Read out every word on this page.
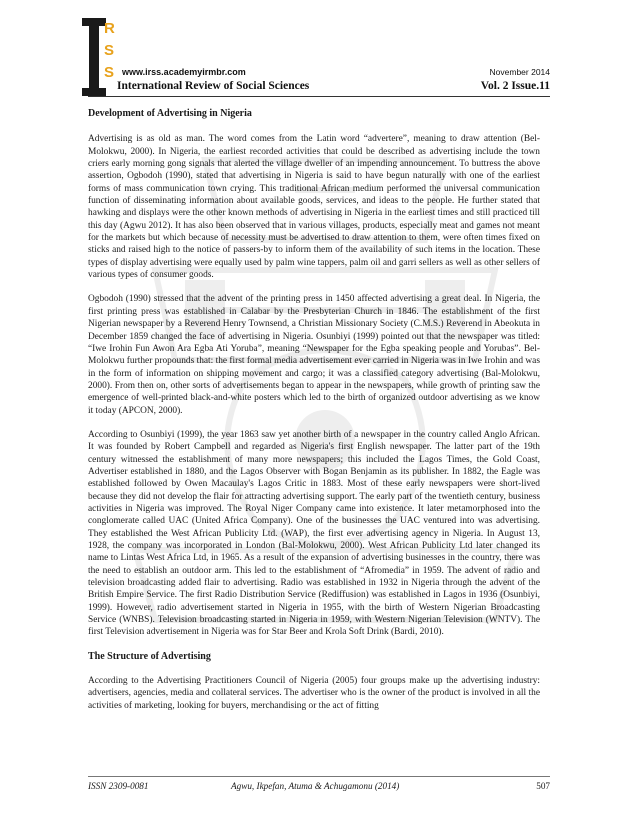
R
S
S www.irss.academyirmbr.com	November 2014
International Review of Social Sciences	Vol. 2 Issue.11
Development of Advertising in Nigeria

Advertising is as old as man. The word comes from the Latin word “advertere”, meaning to draw attention (Bel-Molokwu, 2000). In Nigeria, the earliest recorded activities that could be described as advertising include the town criers early morning gong signals that alerted the village dweller of an impending announcement. To buttress the above assertion, Ogbodoh (1990), stated that advertising in Nigeria is said to have begun naturally with one of the earliest forms of mass communication town crying. This traditional African medium performed the universal communication function of disseminating information about available goods, services, and ideas to the people. He further stated that hawking and displays were the other known methods of advertising in Nigeria in the earliest times and still practiced till this day (Agwu 2012). It has also been observed that in various villages, products, especially meat and games not meant for the markets but which because of necessity must be advertised to draw attention to them, were often times fixed on sticks and raised high to the notice of passers-by to inform them of the availability of such items in the location. These types of display advertising were equally used by palm wine tappers, palm oil and garri sellers as well as other sellers of various types of consumer goods.

Ogbodoh (1990) stressed that the advent of the printing press in 1450 affected advertising a great deal. In Nigeria, the first printing press was established in Calabar by the Presbyterian Church in 1846. The establishment of the first Nigerian newspaper by a Reverend Henry Townsend, a Christian Missionary Society (C.M.S.) Reverend in Abeokuta in December 1859 changed the face of advertising in Nigeria. Osunbiyi (1999) pointed out that the newspaper was titled: “Iwe Irohin Fun Awon Ara Egba Ati Yoruba”, meaning “Newspaper for the Egba speaking people and Yorubas”. Bel-Molokwu further propounds that: the first formal media advertisement ever carried in Nigeria was in Iwe Irohin and was in the form of information on shipping movement and cargo; it was a classified category advertising (Bal-Molokwu, 2000). From then on, other sorts of advertisements began to appear in the newspapers, while growth of printing saw the emergence of well-printed black-and-white posters which led to the birth of organized outdoor advertising as we know it today (APCON, 2000).

According to Osunbiyi (1999), the year 1863 saw yet another birth of a newspaper in the country called Anglo African. It was founded by Robert Campbell and regarded as Nigeria's first English newspaper. The latter part of the 19th century witnessed the establishment of many more newspapers; this included the Lagos Times, the Gold Coast, Advertiser established in 1880, and the Lagos Observer with Bogan Benjamin as its publisher. In 1882, the Eagle was established followed by Owen Macaulay's Lagos Critic in 1883. Most of these early newspapers were short-lived because they did not develop the flair for attracting advertising support. The early part of the twentieth century, business activities in Nigeria was improved. The Royal Niger Company came into existence. It later metamorphosed into the conglomerate called UAC (United Africa Company). One of the businesses the UAC ventured into was advertising. They established the West African Publicity Ltd. (WAP), the first ever advertising agency in Nigeria. In August 13, 1928, the company was incorporated in London (Bal-Molokwu, 2000). West African Publicity Ltd later changed its name to Lintas West Africa Ltd, in 1965. As a result of the expansion of advertising businesses in the country, there was the need to establish an outdoor arm. This led to the establishment of “Afromedia” in 1959. The advent of radio and television broadcasting added flair to advertising. Radio was established in 1932 in Nigeria through the advent of the British Empire Service. The first Radio Distribution Service (Rediffusion) was established in Lagos in 1936 (Osunbiyi, 1999). However, radio advertisement started in Nigeria in 1955, with the birth of Western Nigerian Broadcasting Service (WNBS). Television broadcasting started in Nigeria in 1959, with Western Nigerian Television (WNTV). The first Television advertisement in Nigeria was for Star Beer and Krola Soft Drink (Bardi, 2010).

The Structure of Advertising

According to the Advertising Practitioners Council of Nigeria (2005) four groups make up the advertising industry: advertisers, agencies, media and collateral services. The advertiser who is the owner of the product is involved in all the activities of marketing, looking for buyers, merchandising or the act of fitting

ISSN 2309-0081	Agwu, Ikpefan, Atuma & Achugamonu (2014)	507
